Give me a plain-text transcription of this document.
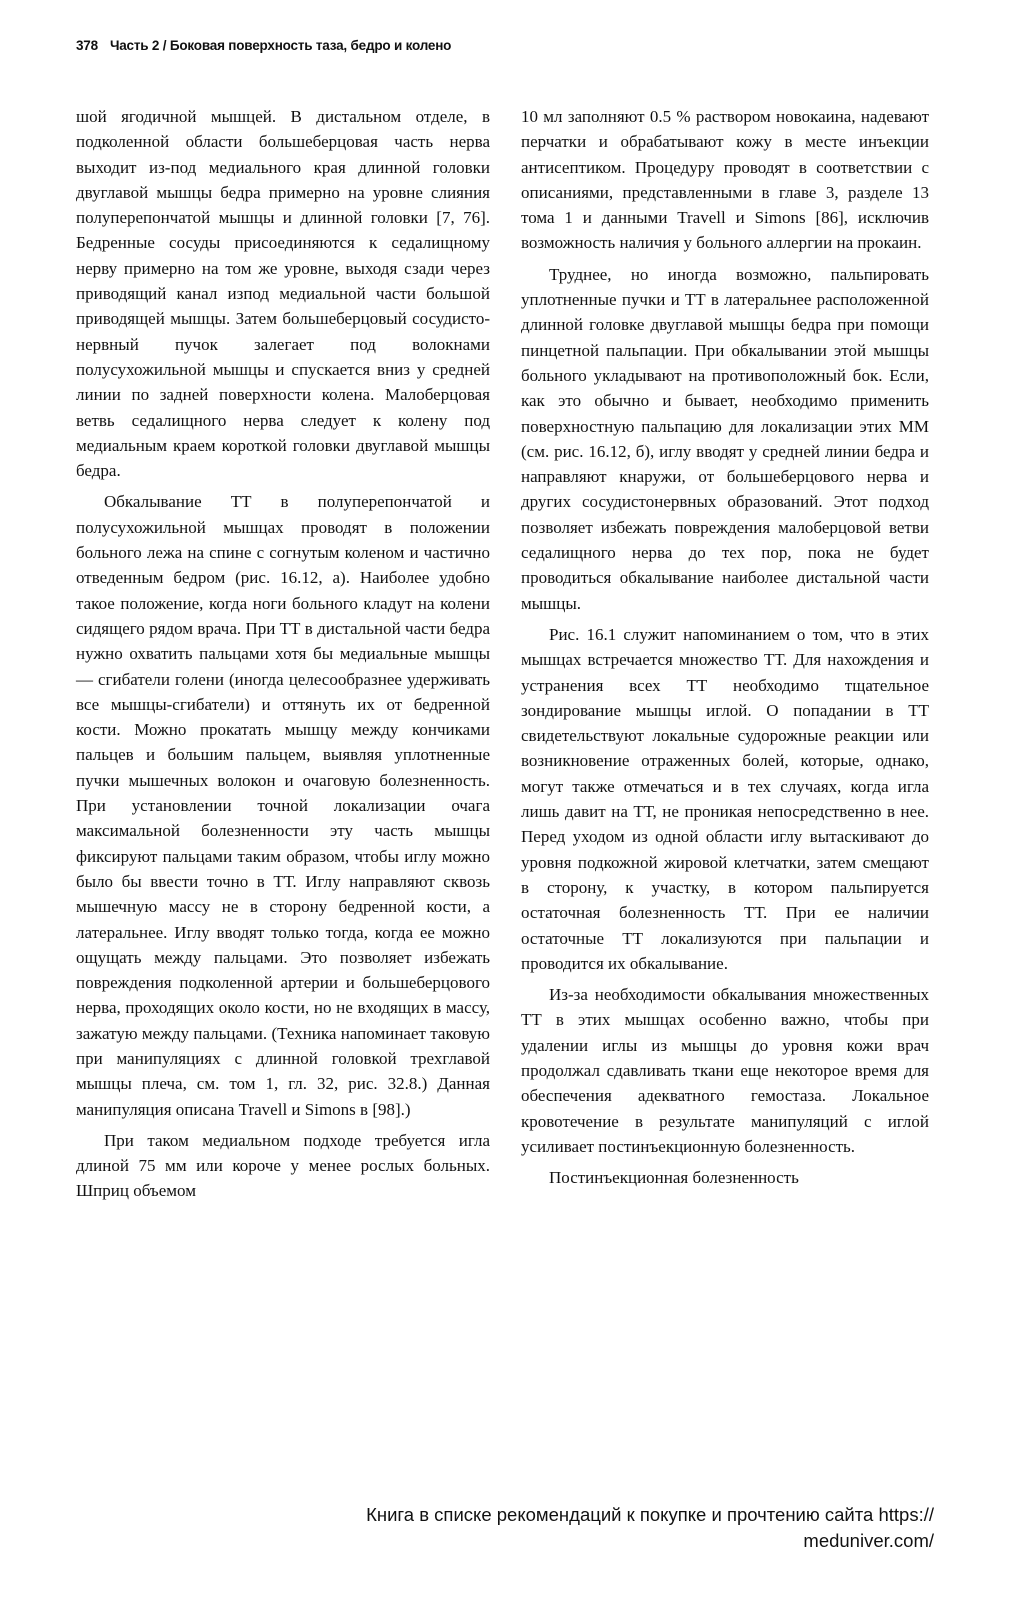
378 Часть 2 / Боковая поверхность таза, бедро и колено

шой ягодичной мышцей. В дистальном отделе, в подколенной области большеберцовая часть нерва выходит из-под медиального края длинной головки двуглавой мышцы бедра примерно на уровне слияния полуперепончатой мышцы и длинной головки [7, 76]. Бедренные сосуды присоединяются к седалищному нерву примерно на том же уровне, выходя сзади через приводящий канал изпод медиальной части большой приводящей мышцы. Затем большеберцовый сосудисто-нервный пучок залегает под волокнами полусухожильной мышцы и спускается вниз у средней линии по задней поверхности колена. Малоберцовая ветвь седалищного нерва следует к колену под медиальным краем короткой головки двуглавой мышцы бедра.

Обкалывание ТТ в полуперепончатой и полусухожильной мышцах проводят в положении больного лежа на спине с согнутым коленом и частично отведенным бедром (рис. 16.12, а). Наиболее удобно такое положение, когда ноги больного кладут на колени сидящего рядом врача. При ТТ в дистальной части бедра нужно охватить пальцами хотя бы медиальные мышцы — сгибатели голени (иногда целесообразнее удерживать все мышцы-сгибатели) и оттянуть их от бедренной кости. Можно прокатать мышцу между кончиками пальцев и большим пальцем, выявляя уплотненные пучки мышечных волокон и очаговую болезненность. При установлении точной локализации очага максимальной болезненности эту часть мышцы фиксируют пальцами таким образом, чтобы иглу можно было бы ввести точно в ТТ. Иглу направляют сквозь мышечную массу не в сторону бедренной кости, а латеральнее. Иглу вводят только тогда, когда ее можно ощущать между пальцами. Это позволяет избежать повреждения подколенной артерии и большеберцового нерва, проходящих около кости, но не входящих в массу, зажатую между пальцами. (Техника напоминает таковую при манипуляциях с длинной головкой трехглавой мышцы плеча, см. том 1, гл. 32, рис. 32.8.) Данная манипуляция описана Travell и Simons в [98].)

При таком медиальном подходе требуется игла длиной 75 мм или короче у менее рослых больных. Шприц объемом

10 мл заполняют 0.5 % раствором новокаина, надевают перчатки и обрабатывают кожу в месте инъекции антисептиком. Процедуру проводят в соответствии с описаниями, представленными в главе 3, разделе 13 тома 1 и данными Travell и Simons [86], исключив возможность наличия у больного аллергии на прокаин.

Труднее, но иногда возможно, пальпировать уплотненные пучки и ТТ в латеральнее расположенной длинной головке двуглавой мышцы бедра при помощи пинцетной пальпации. При обкалывании этой мышцы больного укладывают на противоположный бок. Если, как это обычно и бывает, необходимо применить поверхностную пальпацию для локализации этих ММ (см. рис. 16.12, б), иглу вводят у средней линии бедра и направляют кнаружи, от большеберцового нерва и других сосудистонервных образований. Этот подход позволяет избежать повреждения малоберцовой ветви седалищного нерва до тех пор, пока не будет проводиться обкалывание наиболее дистальной части мышцы.

Рис. 16.1 служит напоминанием о том, что в этих мышцах встречается множество ТТ. Для нахождения и устранения всех ТТ необходимо тщательное зондирование мышцы иглой. О попадании в ТТ свидетельствуют локальные судорожные реакции или возникновение отраженных болей, которые, однако, могут также отмечаться и в тех случаях, когда игла лишь давит на ТТ, не проникая непосредственно в нее. Перед уходом из одной области иглу вытаскивают до уровня подкожной жировой клетчатки, затем смещают в сторону, к участку, в котором пальпируется остаточная болезненность ТТ. При ее наличии остаточные ТТ локализуются при пальпации и проводится их обкалывание.

Из-за необходимости обкалывания множественных ТТ в этих мышцах особенно важно, чтобы при удалении иглы из мышцы до уровня кожи врач продолжал сдавливать ткани еще некоторое время для обеспечения адекватного гемостаза. Локальное кровотечение в результате манипуляций с иглой усиливает постинъекционную болезненность.

Постинъекционная болезненность

Книга в списке рекомендаций к покупке и прочтению сайта https://
meduniver.com/
